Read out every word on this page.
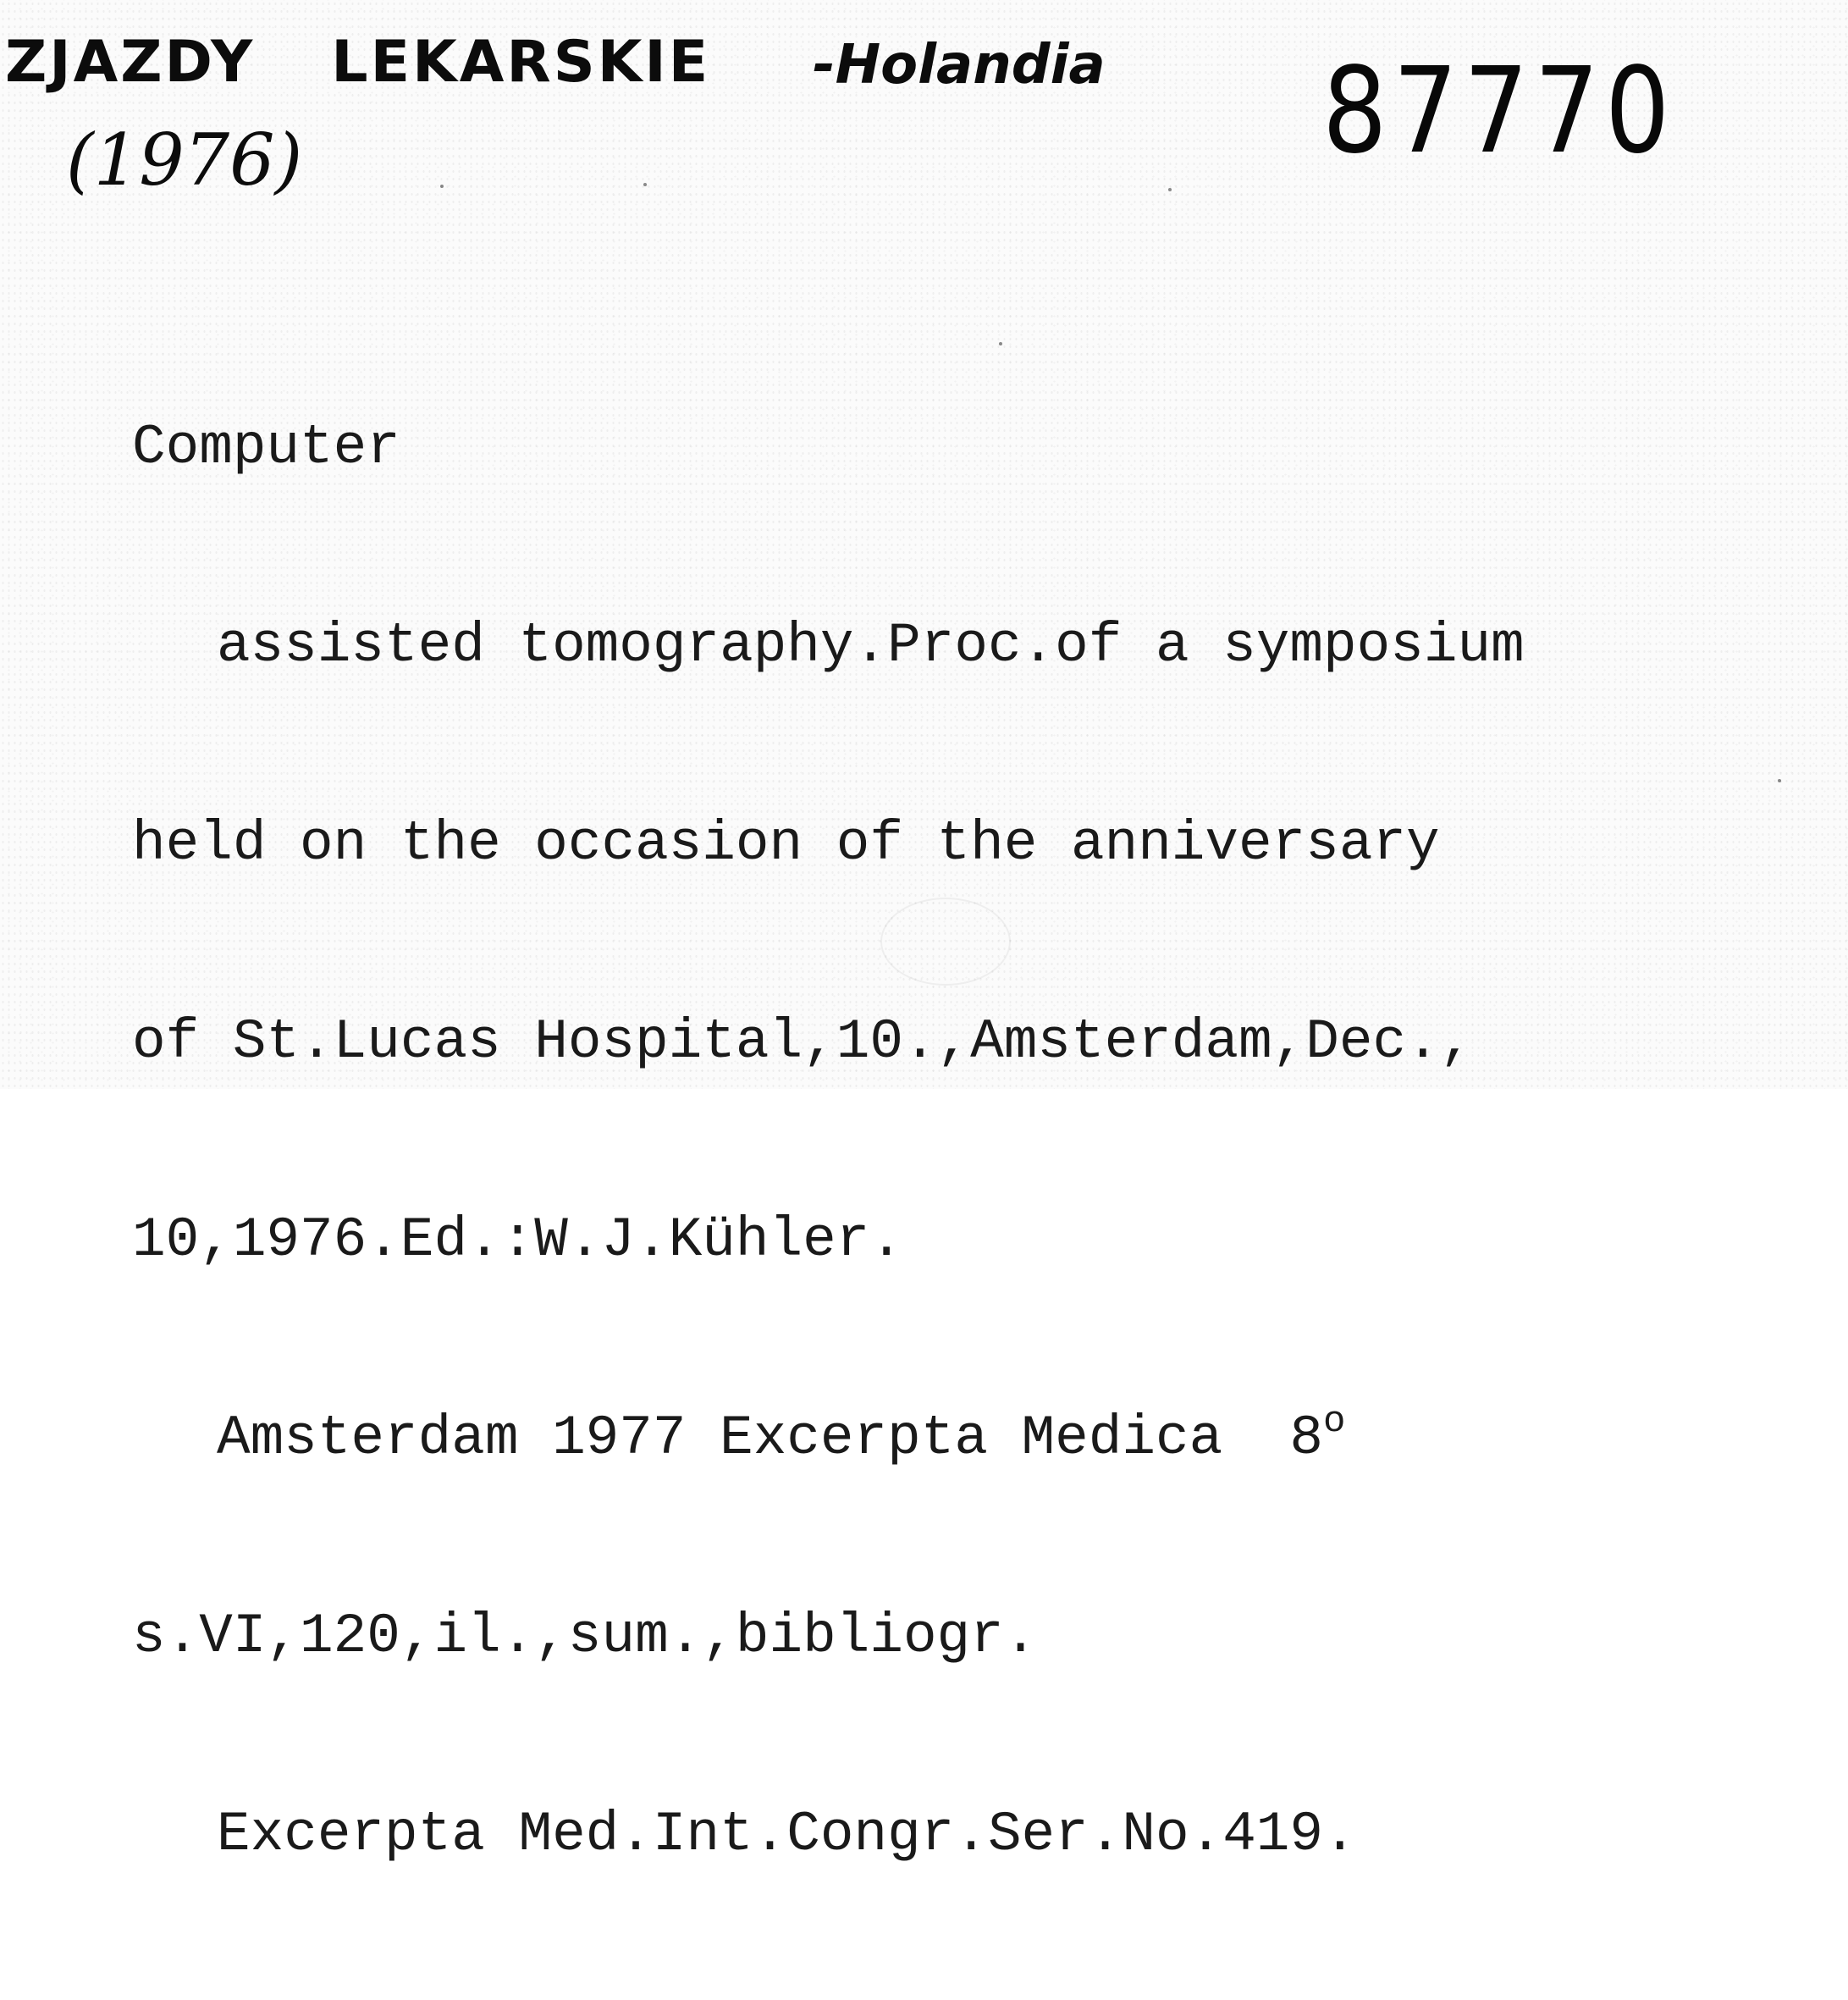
ZJAZDY LEKARSKIE -Holandia
(1976)	87770

Computer

assisted tomography.Proc.of a symposium

held on the occasion of the anniversary

of St.Lucas Hospital,10.,Amsterdam,Dec.,

10,1976.Ed.:W.J.Kühler.

Amsterdam 1977 Excerpta Medica  8$^o$

s.VI,120,il.,sum.,bibliogr.

Excerpta Med.Int.Congr.Ser.No.419.
